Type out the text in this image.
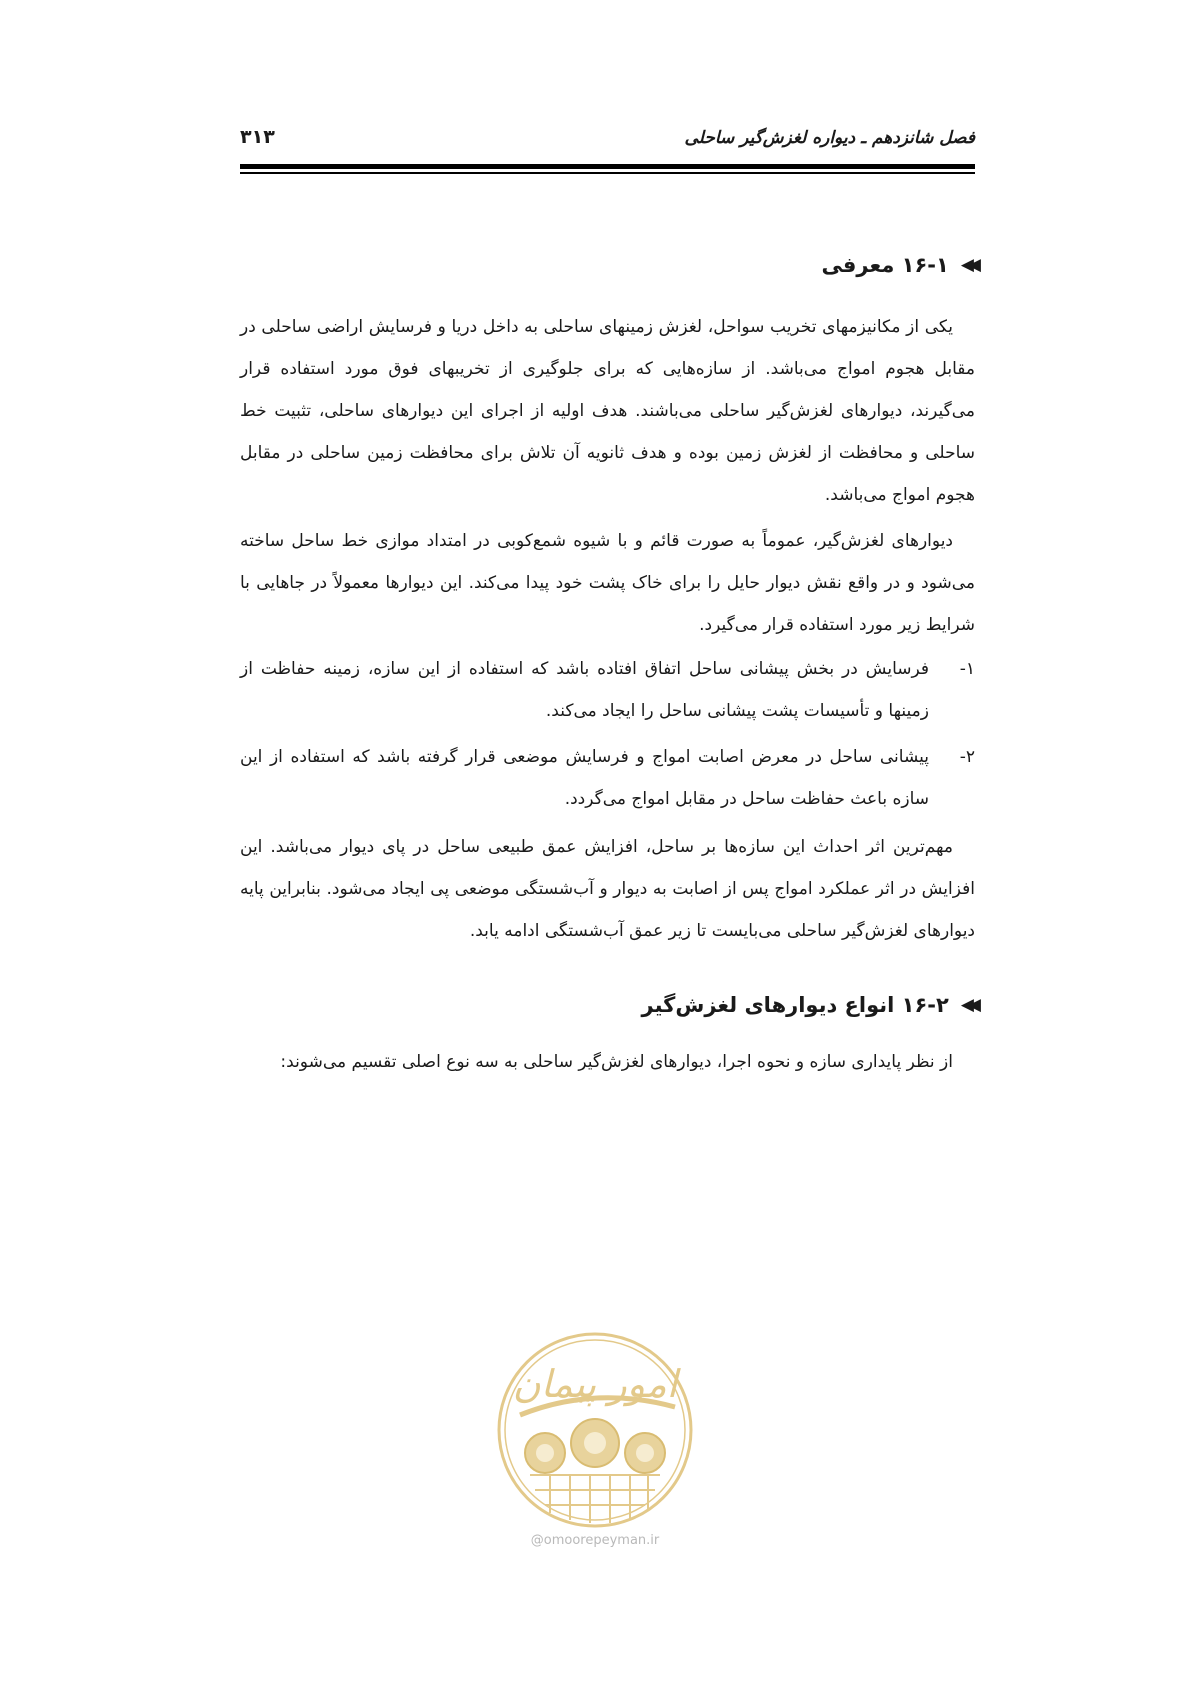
فصل شانزدهم ـ دیواره لغزش‌گیر ساحلی
۳۱۳
◀◀
۱۶-۱ معرفی

یکی از مکانیزمهای تخریب سواحل، لغزش زمینهای ساحلی به داخل دریا و فرسایش اراضی ساحلی در مقابل هجوم امواج می‌باشد. از سازه‌هایی که برای جلوگیری از تخریبهای فوق مورد استفاده قرار می‌گیرند، دیوارهای لغزش‌گیر ساحلی می‌باشند. هدف اولیه از اجرای این دیوارهای ساحلی، تثبیت خط ساحلی و محافظت از لغزش زمین بوده و هدف ثانویه آن تلاش برای محافظت زمین ساحلی در مقابل هجوم امواج می‌باشد.

دیوارهای لغزش‌گیر، عموماً به صورت قائم و با شیوه شمع‌کوبی در امتداد موازی خط ساحل ساخته می‌شود و در واقع نقش دیوار حایل را برای خاک پشت خود پیدا می‌کند. این دیوارها معمولاً در جاهایی با شرایط زیر مورد استفاده قرار می‌گیرد.

۱-
فرسایش در بخش پیشانی ساحل اتفاق افتاده باشد که استفاده از این سازه، زمینه حفاظت از زمینها و تأسیسات پشت پیشانی ساحل را ایجاد می‌کند.
۲-
پیشانی ساحل در معرض اصابت امواج و فرسایش موضعی قرار گرفته باشد که استفاده از این سازه باعث حفاظت ساحل در مقابل امواج می‌گردد.

مهم‌ترین اثر احداث این سازه‌ها بر ساحل، افزایش عمق طبیعی ساحل در پای دیوار می‌باشد. این افزایش در اثر عملکرد امواج پس از اصابت به دیوار و آب‌شستگی موضعی پی ایجاد می‌شود. بنابراین پایه دیوارهای لغزش‌گیر ساحلی می‌بایست تا زیر عمق آب‌شستگی ادامه یابد.

◀◀
۱۶-۲ انواع دیوارهای لغزش‌گیر

از نظر پایداری سازه و نحوه اجرا، دیوارهای لغزش‌گیر ساحلی به سه نوع اصلی تقسیم می‌شوند:

امور پیمان
@omoorepeyman.ir
